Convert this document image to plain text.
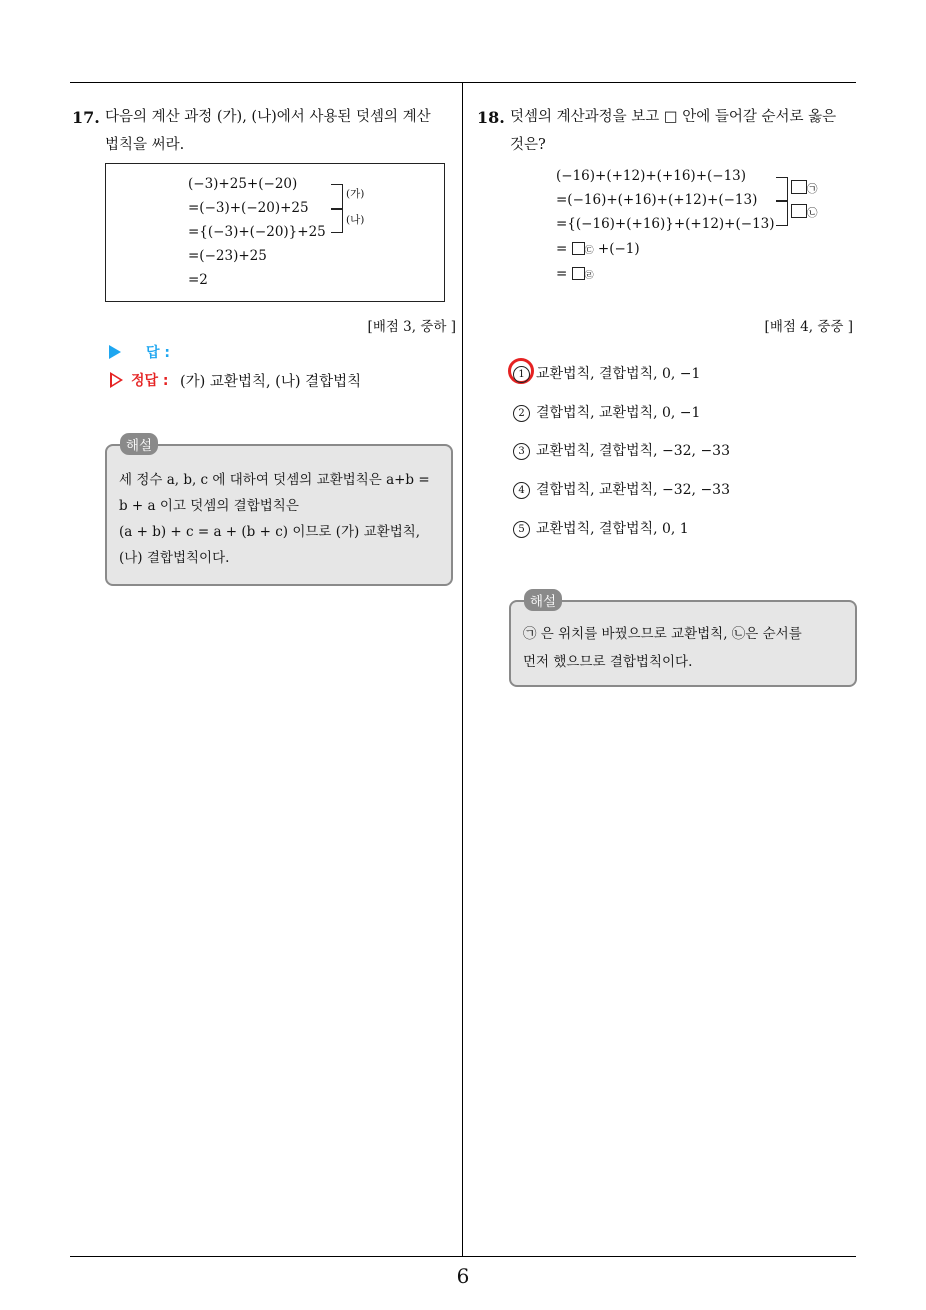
17. 다음의 계산 과정 (가), (나)에서 사용된 덧셈의 계산
법칙을 써라.
(−3)+25+(−20)
=(−3)+(−20)+25
={(−3)+(−20)}+25
=(−23)+25
=2
(가)
(나)
[배점 3, 중하 ]
답 :
정답 : (가) 교환법칙, (나) 결합법칙
세 정수 a, b, c 에 대하여 덧셈의 교환법칙은 a+b =
b + a 이고 덧셈의 결합법칙은
(a + b) + c = a + (b + c) 이므로 (가) 교환법칙,
(나) 결합법칙이다.
해설
18. 덧셈의 계산과정을 보고 □ 안에 들어갈 순서로 옳은
것은?
(−16)+(+12)+(+16)+(−13)
=(−16)+(+16)+(+12)+(−13)
={(−16)+(+16)}+(+12)+(−13)
= ㉢ +(−1)
= ㉣
㉠
㉡
[배점 4, 중중 ]
1 교환법칙, 결합법칙, 0, −1
2 결합법칙, 교환법칙, 0, −1
3 교환법칙, 결합법칙, −32, −33
4 결합법칙, 교환법칙, −32, −33
5 교환법칙, 결합법칙, 0, 1
㉠ 은 위치를 바꿨으므로 교환법칙, ㉡은 순서를
먼저 했으므로 결합법칙이다.
해설
6
